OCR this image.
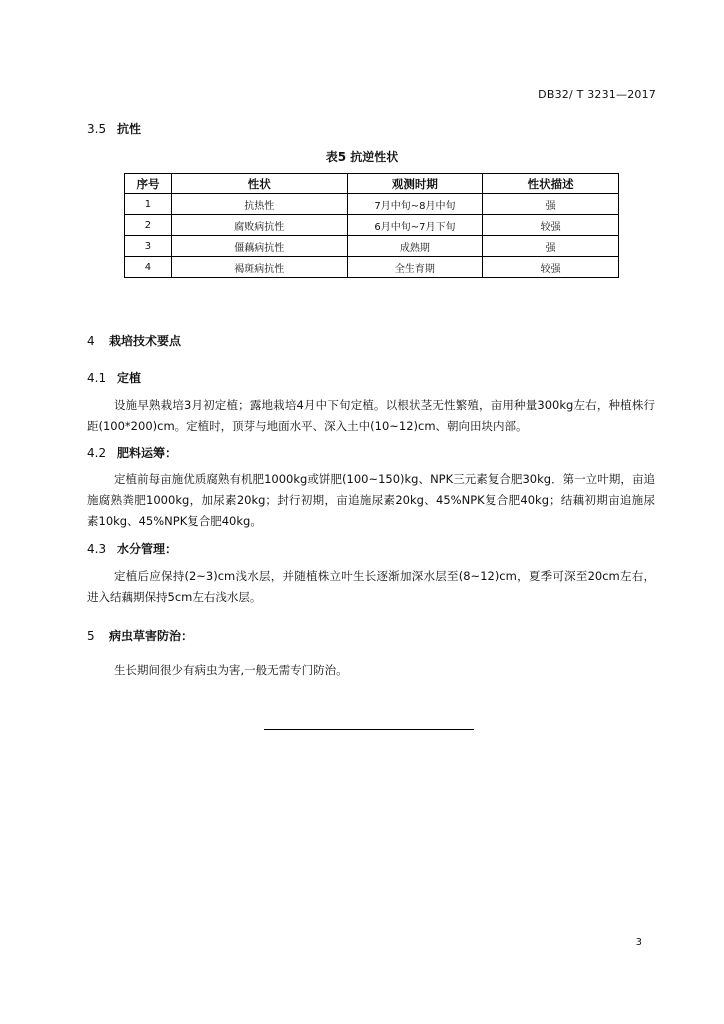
DB32/ T 3231—2017
3.5 抗性
表5 抗逆性状
序号	性状	观测时期	性状描述
1	抗热性	7月中旬~8月中旬	强
2	腐败病抗性	6月中旬~7月下旬	较强
3	僵藕病抗性	成熟期	强
4	褐斑病抗性	全生育期	较强
4 栽培技术要点
4.1 定植
设施早熟栽培3月初定植；露地栽培4月中下旬定植。以根状茎无性繁殖，亩用种量300kg左右，种植株行距(100*200)cm。定植时，顶芽与地面水平、深入土中(10~12)cm、朝向田块内部。
4.2 肥料运筹：
定植前每亩施优质腐熟有机肥1000kg或饼肥(100~150)kg、NPK三元素复合肥30kg．第一立叶期，亩追施腐熟粪肥1000kg，加尿素20kg；封行初期，亩追施尿素20kg、45%NPK复合肥40kg；结藕初期亩追施尿素10kg、45%NPK复合肥40kg。
4.3 水分管理：
定植后应保持(2~3)cm浅水层，并随植株立叶生长逐渐加深水层至(8~12)cm，夏季可深至20cm左右，进入结藕期保持5cm左右浅水层。
5 病虫草害防治：
生长期间很少有病虫为害,一般无需专门防治。
3
